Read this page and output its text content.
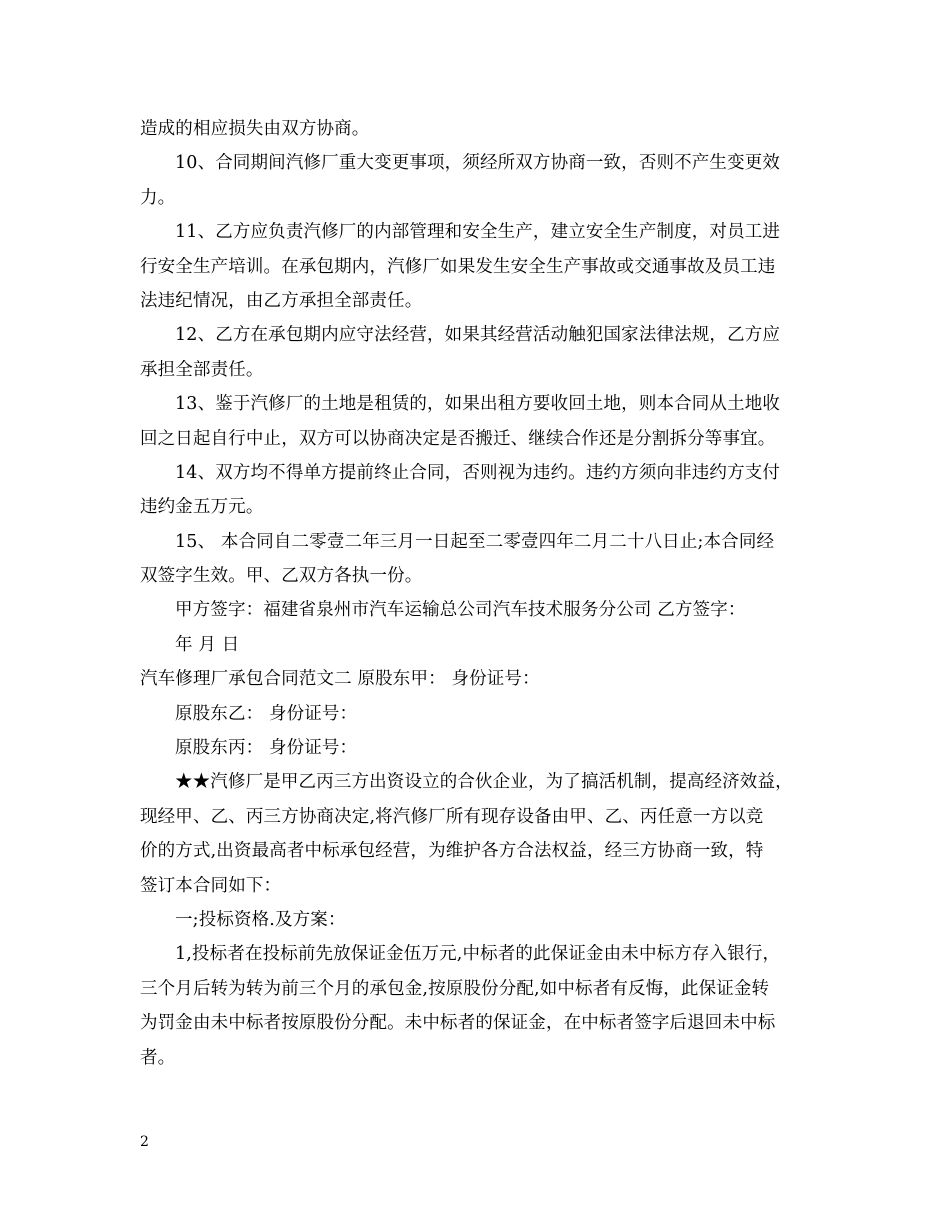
造成的相应损失由双方协商。
10、合同期间汽修厂重大变更事项，须经所双方协商一致，否则不产生变更效
力。
11、乙方应负责汽修厂的内部管理和安全生产，建立安全生产制度，对员工进
行安全生产培训。在承包期内，汽修厂如果发生安全生产事故或交通事故及员工违
法违纪情况，由乙方承担全部责任。
12、乙方在承包期内应守法经营，如果其经营活动触犯国家法律法规，乙方应
承担全部责任。
13、鉴于汽修厂的土地是租赁的，如果出租方要收回土地，则本合同从土地收
回之日起自行中止，双方可以协商决定是否搬迁、继续合作还是分割拆分等事宜。
14、双方均不得单方提前终止合同，否则视为违约。违约方须向非违约方支付
违约金五万元。
15、 本合同自二零壹二年三月一日起至二零壹四年二月二十八日止;本合同经
双签字生效。甲、乙双方各执一份。
甲方签字：福建省泉州市汽车运输总公司汽车技术服务分公司 乙方签字：
年 月 日
汽车修理厂承包合同范文二 原股东甲： 身份证号：
原股东乙： 身份证号：
原股东丙： 身份证号：
★★汽修厂是甲乙丙三方出资设立的合伙企业，为了搞活机制，提高经济效益，
现经甲、乙、丙三方协商决定,将汽修厂所有现存设备由甲、乙、丙任意一方以竞
价的方式,出资最高者中标承包经营，为维护各方合法权益，经三方协商一致，特
签订本合同如下：
一;投标资格.及方案：
1,投标者在投标前先放保证金伍万元,中标者的此保证金由未中标方存入银行，
三个月后转为转为前三个月的承包金,按原股份分配,如中标者有反悔，此保证金转
为罚金由未中标者按原股份分配。未中标者的保证金，在中标者签字后退回未中标
者。
2
